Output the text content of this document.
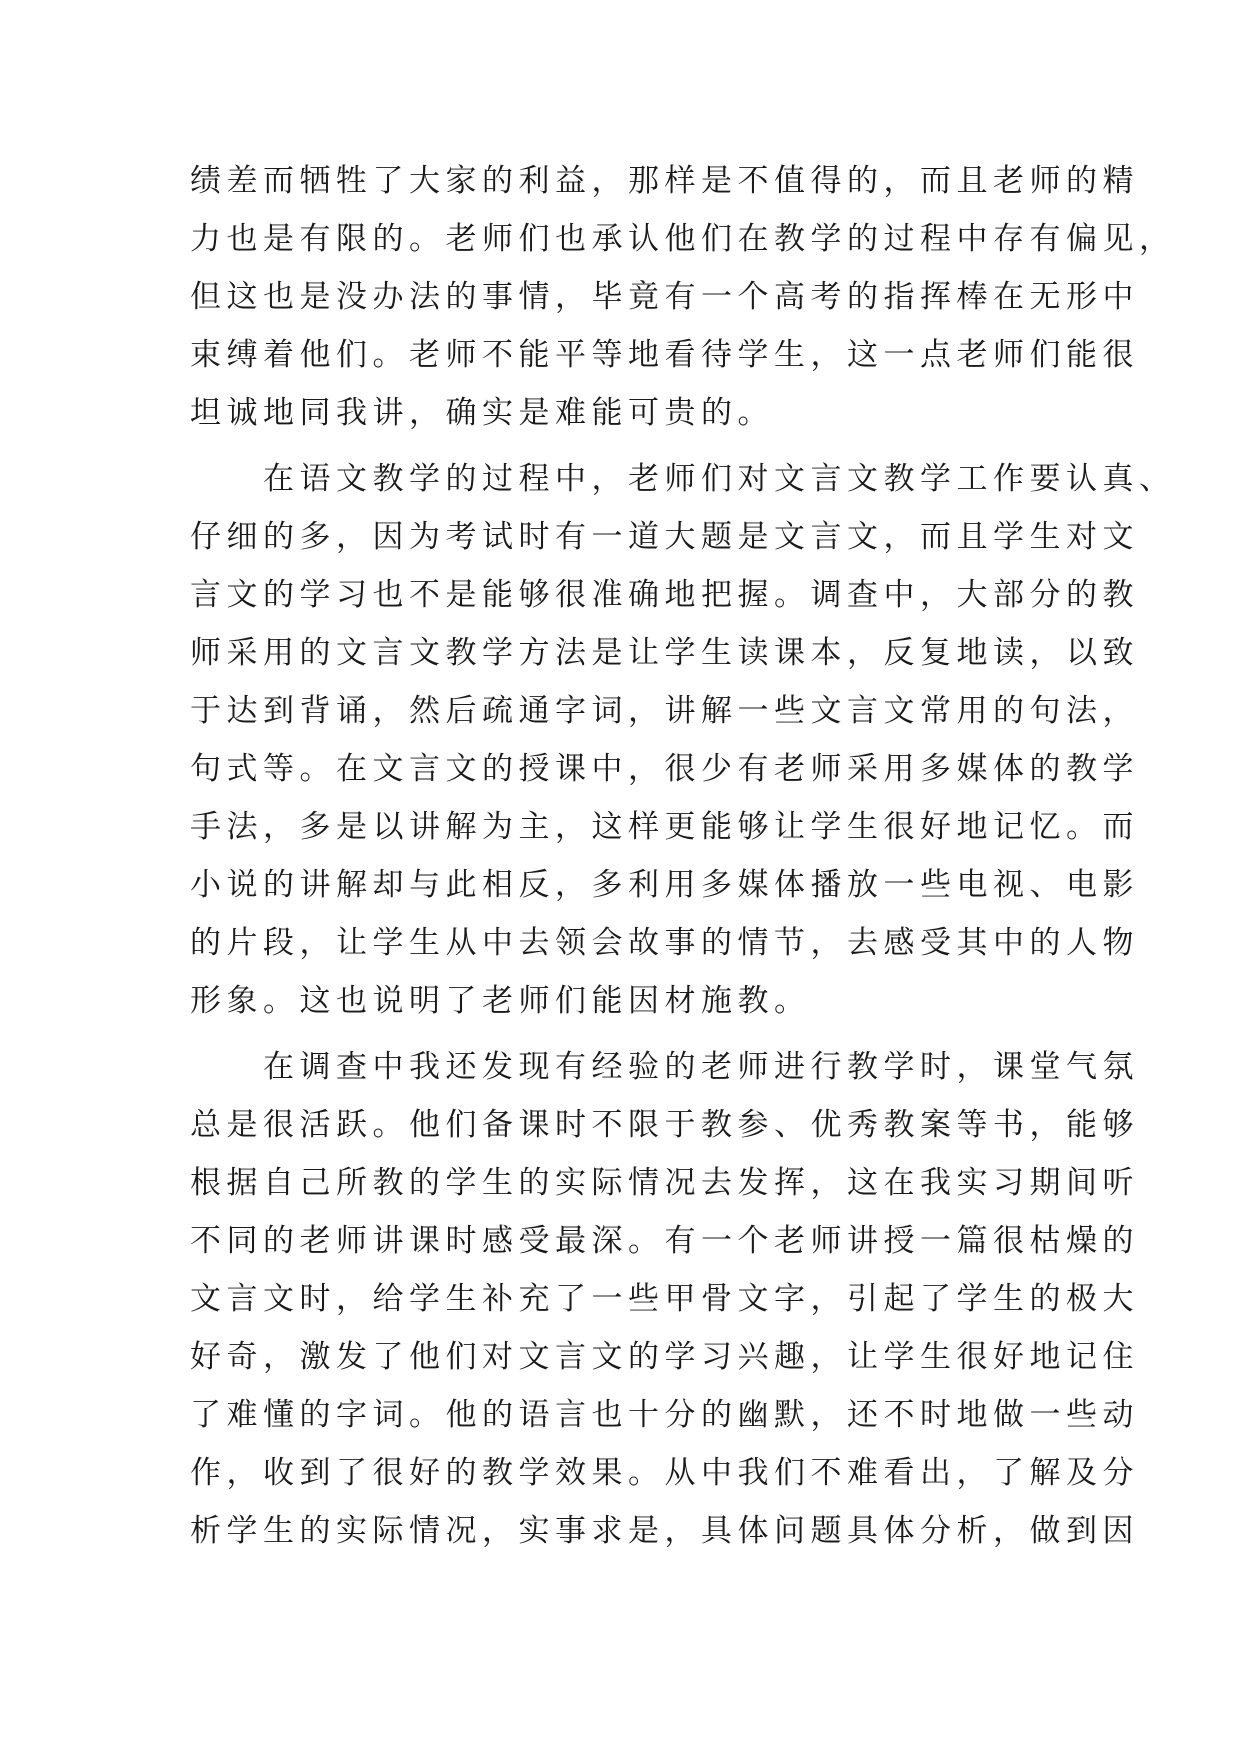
绩差而牺牲了大家的利益，那样是不值得的，而且老师的精
力也是有限的。老师们也承认他们在教学的过程中存有偏见，
但这也是没办法的事情，毕竟有一个高考的指挥棒在无形中
束缚着他们。老师不能平等地看待学生，这一点老师们能很
坦诚地同我讲，确实是难能可贵的。
　　在语文教学的过程中，老师们对文言文教学工作要认真、
仔细的多，因为考试时有一道大题是文言文，而且学生对文
言文的学习也不是能够很准确地把握。调查中，大部分的教
师采用的文言文教学方法是让学生读课本，反复地读，以致
于达到背诵，然后疏通字词，讲解一些文言文常用的句法，
句式等。在文言文的授课中，很少有老师采用多媒体的教学
手法，多是以讲解为主，这样更能够让学生很好地记忆。而
小说的讲解却与此相反，多利用多媒体播放一些电视、电影
的片段，让学生从中去领会故事的情节，去感受其中的人物
形象。这也说明了老师们能因材施教。
　　在调查中我还发现有经验的老师进行教学时，课堂气氛
总是很活跃。他们备课时不限于教参、优秀教案等书，能够
根据自己所教的学生的实际情况去发挥，这在我实习期间听
不同的老师讲课时感受最深。有一个老师讲授一篇很枯燥的
文言文时，给学生补充了一些甲骨文字，引起了学生的极大
好奇，激发了他们对文言文的学习兴趣，让学生很好地记住
了难懂的字词。他的语言也十分的幽默，还不时地做一些动
作，收到了很好的教学效果。从中我们不难看出，了解及分
析学生的实际情况，实事求是，具体问题具体分析，做到因
